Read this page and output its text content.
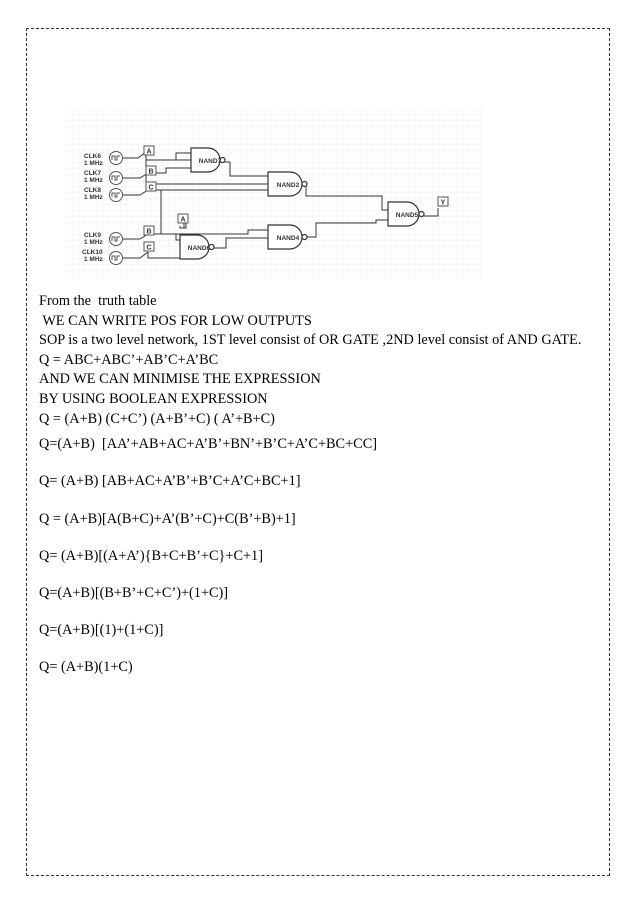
CLK6
1 MHz
CLK7
1 MHz
CLK8
1 MHz
CLK9
1 MHz
CLK10
1 MHz
A
B
C
A
B
C
Y
NAND7
NAND2
NAND6
NAND4
NAND5
From the  truth table
WE CAN WRITE POS FOR LOW OUTPUTS
SOP is a two level network, 1ST level consist of OR GATE ,2ND level consist of AND GATE.
Q = ABC+ABC’+AB’C+A’BC
AND WE CAN MINIMISE THE EXPRESSION
BY USING BOOLEAN EXPRESSION
Q = (A+B) (C+C’) (A+B’+C) ( A’+B+C)
Q=(A+B)  [AA’+AB+AC+A’B’+BN’+B’C+A’C+BC+CC]
Q= (A+B) [AB+AC+A’B’+B’C+A’C+BC+1]
Q = (A+B)[A(B+C)+A’(B’+C)+C(B’+B)+1]
Q= (A+B)[(A+A’){B+C+B’+C}+C+1]
Q=(A+B)[(B+B’+C+C’)+(1+C)]
Q=(A+B)[(1)+(1+C)]
Q= (A+B)(1+C)
